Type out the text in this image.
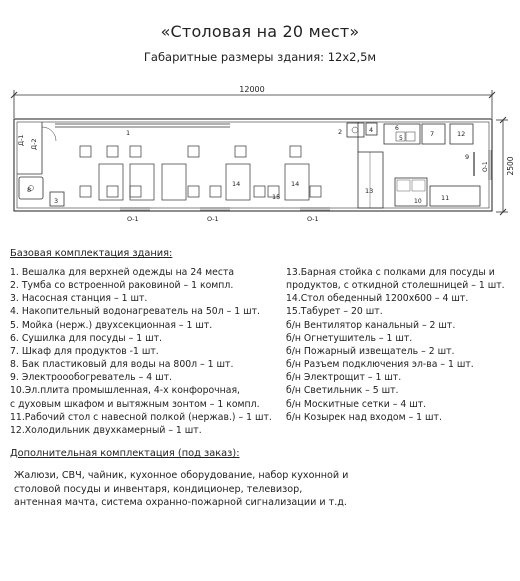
«Столовая на 20 мест»
Габаритные размеры здания: 12х2,5м
12000
2500
Д-1 Д-2
1
8
3
14	14
15
13
2	4	6
5
7	12
9
10	11
О-1
О-1	О-1	О-1
Базовая комплектация здания:
1. Вешалка для верхней одежды на 24 места
2. Тумба со встроенной раковиной – 1 компл.
3. Насосная станция – 1 шт.
4. Накопительный водонагреватель на 50л – 1 шт.
5. Мойка (нерж.) двухсекционная – 1 шт.
6. Сушилка для посуды – 1 шт.
7. Шкаф для продуктов -1 шт.
8. Бак пластиковый для воды на 800л – 1 шт.
9. Электроообогреватель – 4 шт.
10.Эл.плита промышленная, 4-х конфорочная,
с духовым шкафом и вытяжным зонтом – 1 компл.
11.Рабочий стол с навесной полкой (нержав.) – 1 шт.
12.Холодильник двухкамерный – 1 шт.
13.Барная стойка с полками для посуды и
продуктов, с откидной столешницей – 1 шт.
14.Стол обеденный 1200х600 – 4 шт.
15.Табурет – 20 шт.
б/н Вентилятор канальный – 2 шт.
б/н Огнетушитель – 1 шт.
б/н Пожарный извещатель – 2 шт.
б/н Разъем подключения эл-ва – 1 шт.
б/н Электрощит – 1 шт.
б/н Светильник – 5 шт.
б/н Москитные сетки – 4 шт.
б/н Козырек над входом – 1 шт.
Дополнительная комплектация (под заказ):
Жалюзи, СВЧ, чайник, кухонное оборудование, набор кухонной и
столовой посуды и инвентаря, кондиционер, телевизор,
антенная мачта, система охранно-пожарной сигнализации и т.д.
